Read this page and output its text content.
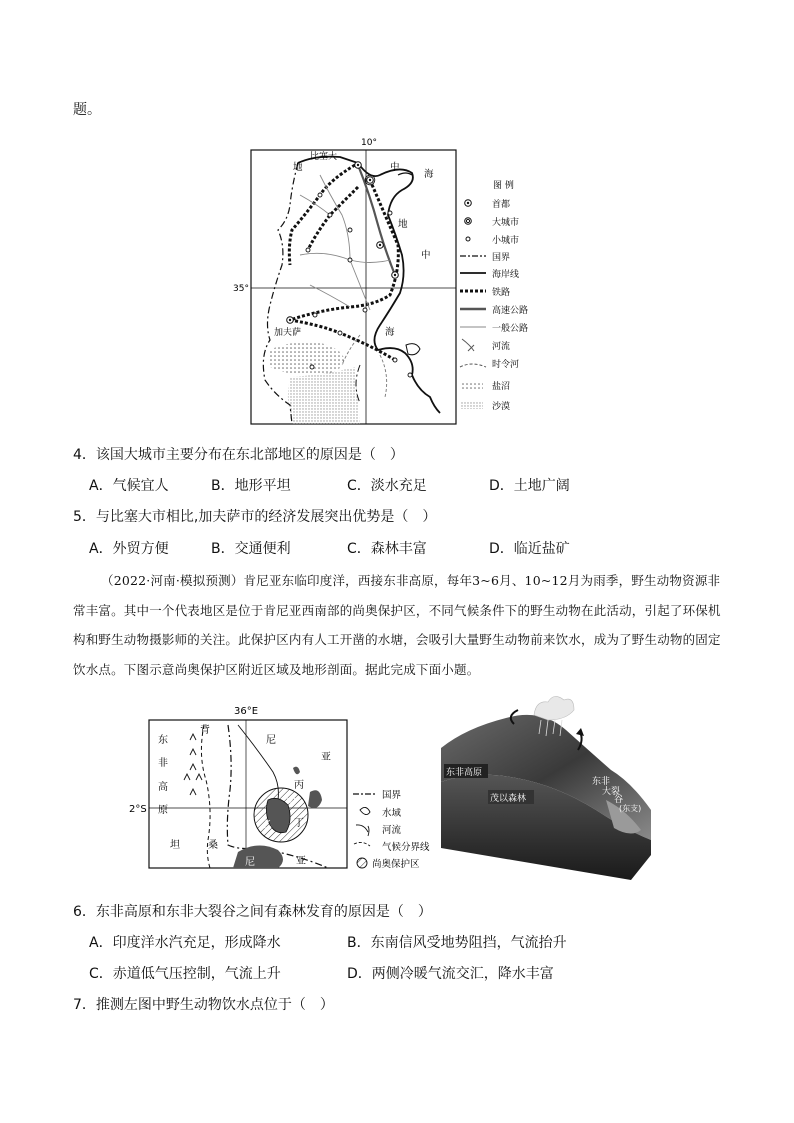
题。
10°
35°
地
比塞大
中
海
地
中
海
加夫萨
图 例
首都
大城市
小城市
国界
海岸线
铁路
高速公路
一般公路
河流
时令河
盐沼
沙漠
4．该国大城市主要分布在东北部地区的原因是（　）
A．气候宜人	B．地形平坦	C．淡水充足	D．土地广阔
5．与比塞大市相比,加夫萨市的经济发展突出优势是（　）
A．外贸方便	B．交通便利	C．森林丰富	D．临近盐矿
（2022·河南·模拟预测）肯尼亚东临印度洋，西接东非高原，每年3~6月、10~12月为雨季，野生动物资源非常丰富。其中一个代表地区是位于肯尼亚西南部的尚奥保护区，不同气候条件下的野生动物在此活动，引起了环保机构和野生动物摄影师的关注。此保护区内有人工开凿的水塘，会吸引大量野生动物前来饮水，成为了野生动物的固定饮水点。下图示意尚奥保护区附近区域及地形剖面。据此完成下面小题。
36°E
2°S
东
非
高
原
背
尼
亚
丙
甲
乙 丁
坦	桑
尼	亚
国界
水域
河流
气候分界线
尚奥保护区
东非高原
茂以森林
东非
大裂
谷
(东支)
6．东非高原和东非大裂谷之间有森林发育的原因是（　）
A．印度洋水汽充足，形成降水	B．东南信风受地势阻挡，气流抬升
C．赤道低气压控制，气流上升	D．两侧冷暖气流交汇，降水丰富
7．推测左图中野生动物饮水点位于（　）
